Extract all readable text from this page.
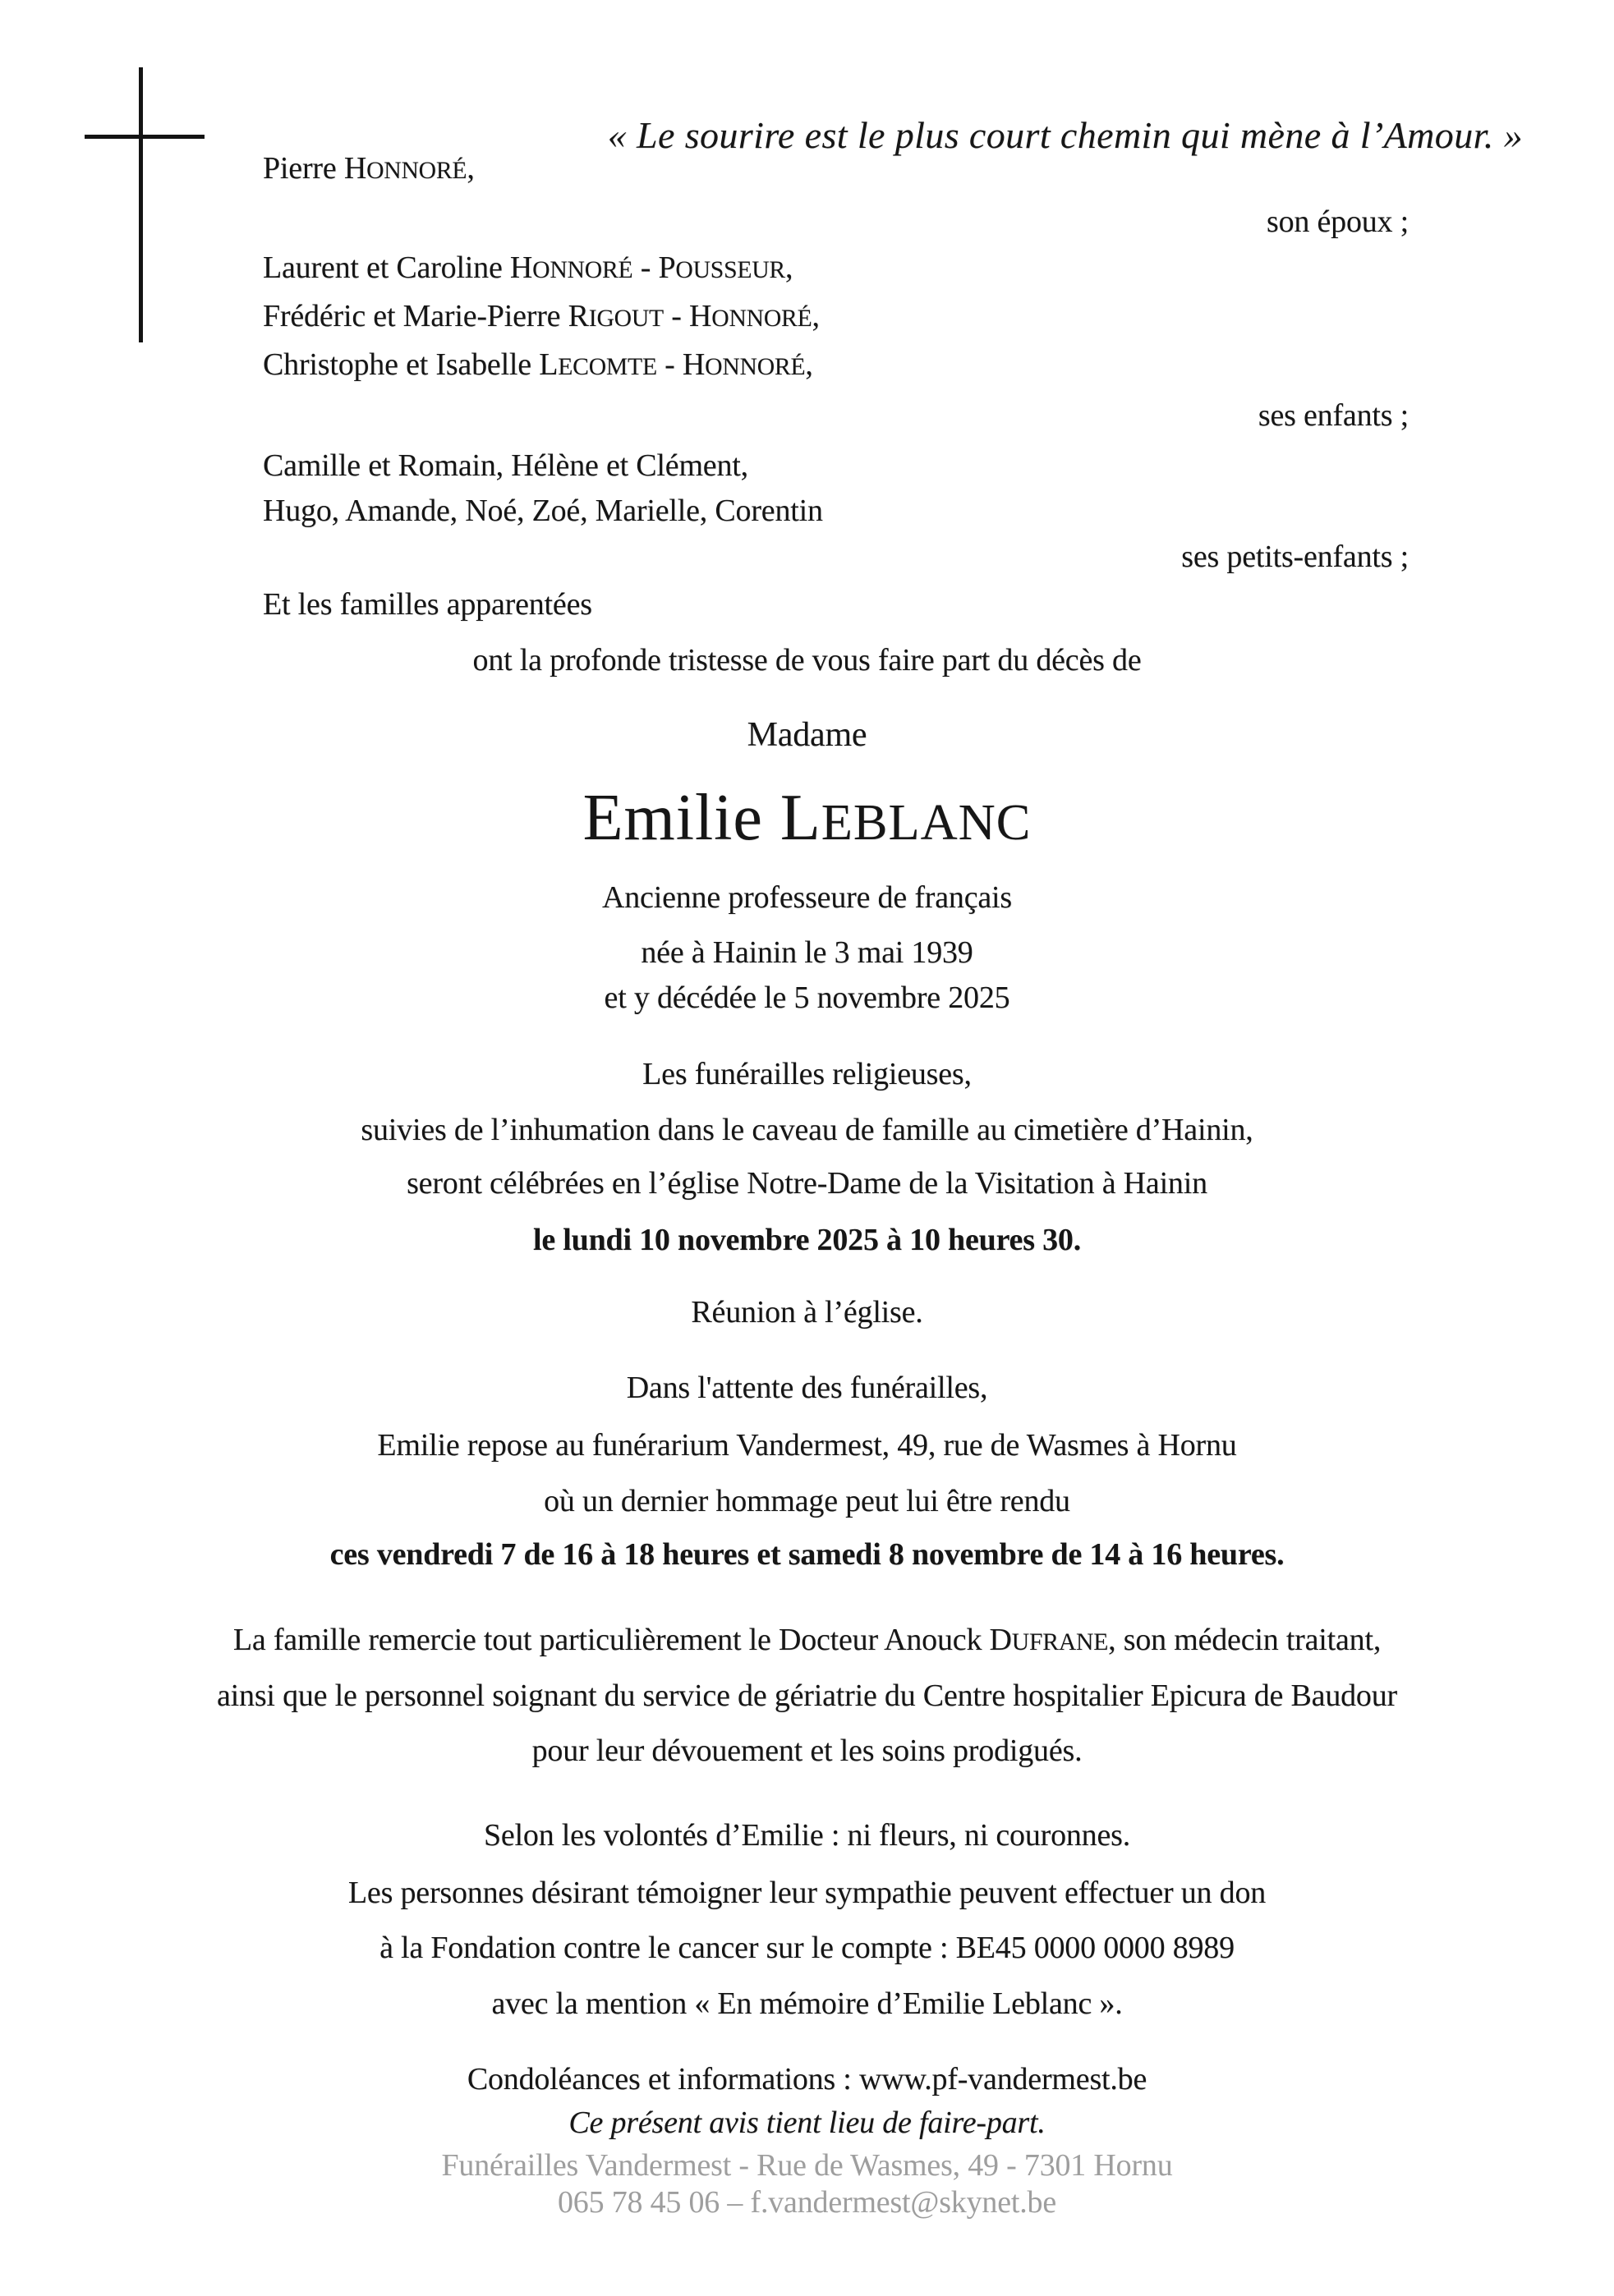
« Le sourire est le plus court chemin qui mène à l’Amour. »
Pierre HONNORÉ,
son époux ;
Laurent et Caroline HONNORÉ - POUSSEUR,
Frédéric et Marie-Pierre RIGOUT - HONNORÉ,
Christophe et Isabelle LECOMTE - HONNORÉ,
ses enfants ;
Camille et Romain, Hélène et Clément,
Hugo, Amande, Noé, Zoé, Marielle, Corentin
ses petits-enfants ;
Et les familles apparentées
ont la profonde tristesse de vous faire part du décès de
Madame
Emilie LEBLANC
Ancienne professeure de français
née à Hainin le 3 mai 1939
et y décédée le 5 novembre 2025
Les funérailles religieuses,
suivies de l’inhumation dans le caveau de famille au cimetière d’Hainin,
seront célébrées en l’église Notre-Dame de la Visitation à Hainin
le lundi 10 novembre 2025 à 10 heures 30.
Réunion à l’église.
Dans l'attente des funérailles,
Emilie repose au funérarium Vandermest, 49, rue de Wasmes à Hornu
où un dernier hommage peut lui être rendu
ces vendredi 7 de 16 à 18 heures et samedi 8 novembre de 14 à 16 heures.
La famille remercie tout particulièrement le Docteur Anouck DUFRANE, son médecin traitant,
ainsi que le personnel soignant du service de gériatrie du Centre hospitalier Epicura de Baudour
pour leur dévouement et les soins prodigués.
Selon les volontés d’Emilie : ni fleurs, ni couronnes.
Les personnes désirant témoigner leur sympathie peuvent effectuer un don
à la Fondation contre le cancer sur le compte : BE45 0000 0000 8989
avec la mention « En mémoire d’Emilie Leblanc ».
Condoléances et informations : www.pf-vandermest.be
Ce présent avis tient lieu de faire-part.
Funérailles Vandermest - Rue de Wasmes, 49 - 7301 Hornu
065 78 45 06 – f.vandermest@skynet.be
